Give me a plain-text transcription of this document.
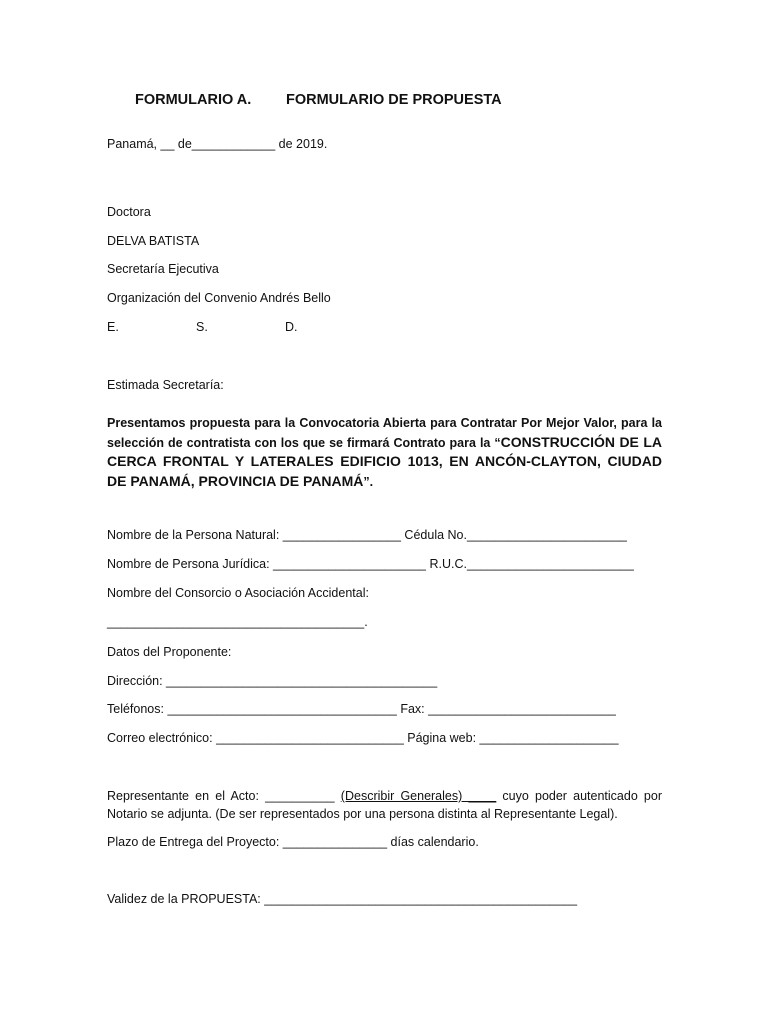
FORMULARIO A. FORMULARIO DE PROPUESTA
Panamá, __ de____________ de 2019.
Doctora
DELVA BATISTA
Secretaría Ejecutiva
Organización del Convenio Andrés Bello
E.	S.	D.
Estimada Secretaría:
Presentamos propuesta para la Convocatoria Abierta para Contratar Por Mejor Valor, para la selección de contratista con los que se firmará Contrato para la “CONSTRUCCIÓN DE LA CERCA FRONTAL Y LATERALES EDIFICIO 1013, EN ANCÓN-CLAYTON, CIUDAD DE PANAMÁ, PROVINCIA DE PANAMÁ”.
Nombre de la Persona Natural: _________________ Cédula No._______________________
Nombre de Persona Jurídica: ______________________ R.U.C.________________________
Nombre del Consorcio o Asociación Accidental:
_____________________________________.
Datos del Proponente:
Dirección: _______________________________________
Teléfonos: _________________________________ Fax: ___________________________
Correo electrónico: ___________________________ Página web: ____________________
Representante en el Acto: __________ (Describir Generales) ____ cuyo poder autenticado por Notario se adjunta. (De ser representados por una persona distinta al Representante Legal).
Plazo de Entrega del Proyecto: _______________ días calendario.
Validez de la PROPUESTA: _____________________________________________
